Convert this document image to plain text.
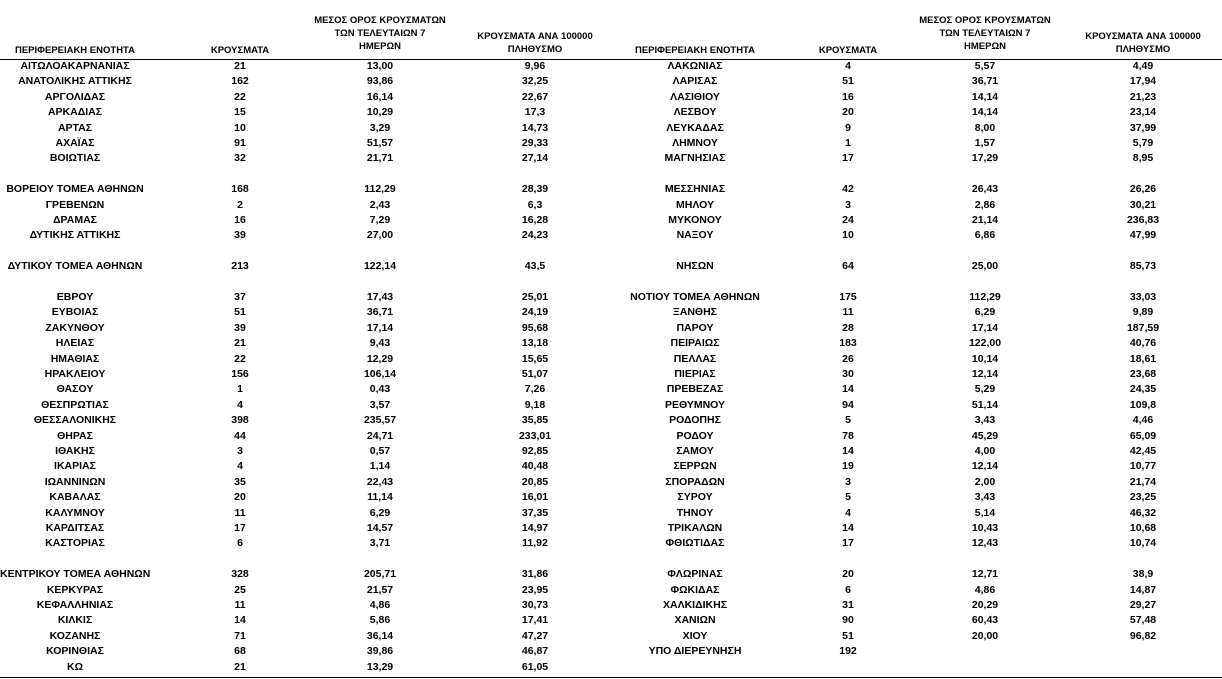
ΠΕΡΙΦΕΡΕΙΑΚΗ ΕΝΟΤΗΤΑ	ΚΡΟΥΣΜΑΤΑ
ΜΕΣΟΣ ΟΡΟΣ ΚΡΟΥΣΜΑΤΩΝ
ΤΩΝ ΤΕΛΕΥΤΑΙΩΝ 7
ΗΜΕΡΩΝ
ΚΡΟΥΣΜΑΤΑ ΑΝΑ 100000
ΠΛΗΘΥΣΜΟ	ΠΕΡΙΦΕΡΕΙΑΚΗ ΕΝΟΤΗΤΑ	ΚΡΟΥΣΜΑΤΑ
ΜΕΣΟΣ ΟΡΟΣ ΚΡΟΥΣΜΑΤΩΝ
ΤΩΝ ΤΕΛΕΥΤΑΙΩΝ 7
ΗΜΕΡΩΝ
ΚΡΟΥΣΜΑΤΑ ΑΝΑ 100000
ΠΛΗΘΥΣΜΟ
ΑΙΤΩΛΟΑΚΑΡΝΑΝΙΑΣ	21	13,00	9,96
ΑΝΑΤΟΛΙΚΗΣ ΑΤΤΙΚΗΣ	162	93,86	32,25
ΑΡΓΟΛΙΔΑΣ	22	16,14	22,67
ΑΡΚΑΔΙΑΣ	15	10,29	17,3
ΑΡΤΑΣ	10	3,29	14,73
ΑΧΑΪΑΣ	91	51,57	29,33
ΒΟΙΩΤΙΑΣ	32	21,71	27,14
ΒΟΡΕΙΟΥ ΤΟΜΕΑ ΑΘΗΝΩΝ	168	112,29	28,39
ΓΡΕΒΕΝΩΝ	2	2,43	6,3
ΔΡΑΜΑΣ	16	7,29	16,28
ΔΥΤΙΚΗΣ ΑΤΤΙΚΗΣ	39	27,00	24,23
ΔΥΤΙΚΟΥ ΤΟΜΕΑ ΑΘΗΝΩΝ	213	122,14	43,5
ΕΒΡΟΥ	37	17,43	25,01
ΕΥΒΟΙΑΣ	51	36,71	24,19
ΖΑΚΥΝΘΟΥ	39	17,14	95,68
ΗΛΕΙΑΣ	21	9,43	13,18
ΗΜΑΘΙΑΣ	22	12,29	15,65
ΗΡΑΚΛΕΙΟΥ	156	106,14	51,07
ΘΑΣΟΥ	1	0,43	7,26
ΘΕΣΠΡΩΤΙΑΣ	4	3,57	9,18
ΘΕΣΣΑΛΟΝΙΚΗΣ	398	235,57	35,85
ΘΗΡΑΣ	44	24,71	233,01
ΙΘΑΚΗΣ	3	0,57	92,85
ΙΚΑΡΙΑΣ	4	1,14	40,48
ΙΩΑΝΝΙΝΩΝ	35	22,43	20,85
ΚΑΒΑΛΑΣ	20	11,14	16,01
ΚΑΛΥΜΝΟΥ	11	6,29	37,35
ΚΑΡΔΙΤΣΑΣ	17	14,57	14,97
ΚΑΣΤΟΡΙΑΣ	6	3,71	11,92
ΚΕΝΤΡΙΚΟΥ ΤΟΜΕΑ ΑΘΗΝΩΝ	328	205,71	31,86
ΚΕΡΚΥΡΑΣ	25	21,57	23,95
ΚΕΦΑΛΛΗΝΙΑΣ	11	4,86	30,73
ΚΙΛΚΙΣ	14	5,86	17,41
ΚΟΖΑΝΗΣ	71	36,14	47,27
ΚΟΡΙΝΘΙΑΣ	68	39,86	46,87
ΚΩ	21	13,29	61,05
ΛΑΚΩΝΙΑΣ	4	5,57	4,49
ΛΑΡΙΣΑΣ	51	36,71	17,94
ΛΑΣΙΘΙΟΥ	16	14,14	21,23
ΛΕΣΒΟΥ	20	14,14	23,14
ΛΕΥΚΑΔΑΣ	9	8,00	37,99
ΛΗΜΝΟΥ	1	1,57	5,79
ΜΑΓΝΗΣΙΑΣ	17	17,29	8,95
ΜΕΣΣΗΝΙΑΣ	42	26,43	26,26
ΜΗΛΟΥ	3	2,86	30,21
ΜΥΚΟΝΟΥ	24	21,14	236,83
ΝΑΞΟΥ	10	6,86	47,99
ΝΗΣΩΝ	64	25,00	85,73
ΝΟΤΙΟΥ ΤΟΜΕΑ ΑΘΗΝΩΝ	175	112,29	33,03
ΞΑΝΘΗΣ	11	6,29	9,89
ΠΑΡΟΥ	28	17,14	187,59
ΠΕΙΡΑΙΩΣ	183	122,00	40,76
ΠΕΛΛΑΣ	26	10,14	18,61
ΠΙΕΡΙΑΣ	30	12,14	23,68
ΠΡΕΒΕΖΑΣ	14	5,29	24,35
ΡΕΘΥΜΝΟΥ	94	51,14	109,8
ΡΟΔΟΠΗΣ	5	3,43	4,46
ΡΟΔΟΥ	78	45,29	65,09
ΣΑΜΟΥ	14	4,00	42,45
ΣΕΡΡΩΝ	19	12,14	10,77
ΣΠΟΡΑΔΩΝ	3	2,00	21,74
ΣΥΡΟΥ	5	3,43	23,25
ΤΗΝΟΥ	4	5,14	46,32
ΤΡΙΚΑΛΩΝ	14	10,43	10,68
ΦΘΙΩΤΙΔΑΣ	17	12,43	10,74
ΦΛΩΡΙΝΑΣ	20	12,71	38,9
ΦΩΚΙΔΑΣ	6	4,86	14,87
ΧΑΛΚΙΔΙΚΗΣ	31	20,29	29,27
ΧΑΝΙΩΝ	90	60,43	57,48
ΧΙΟΥ	51	20,00	96,82
ΥΠΟ ΔΙΕΡΕΥΝΗΣΗ	192
